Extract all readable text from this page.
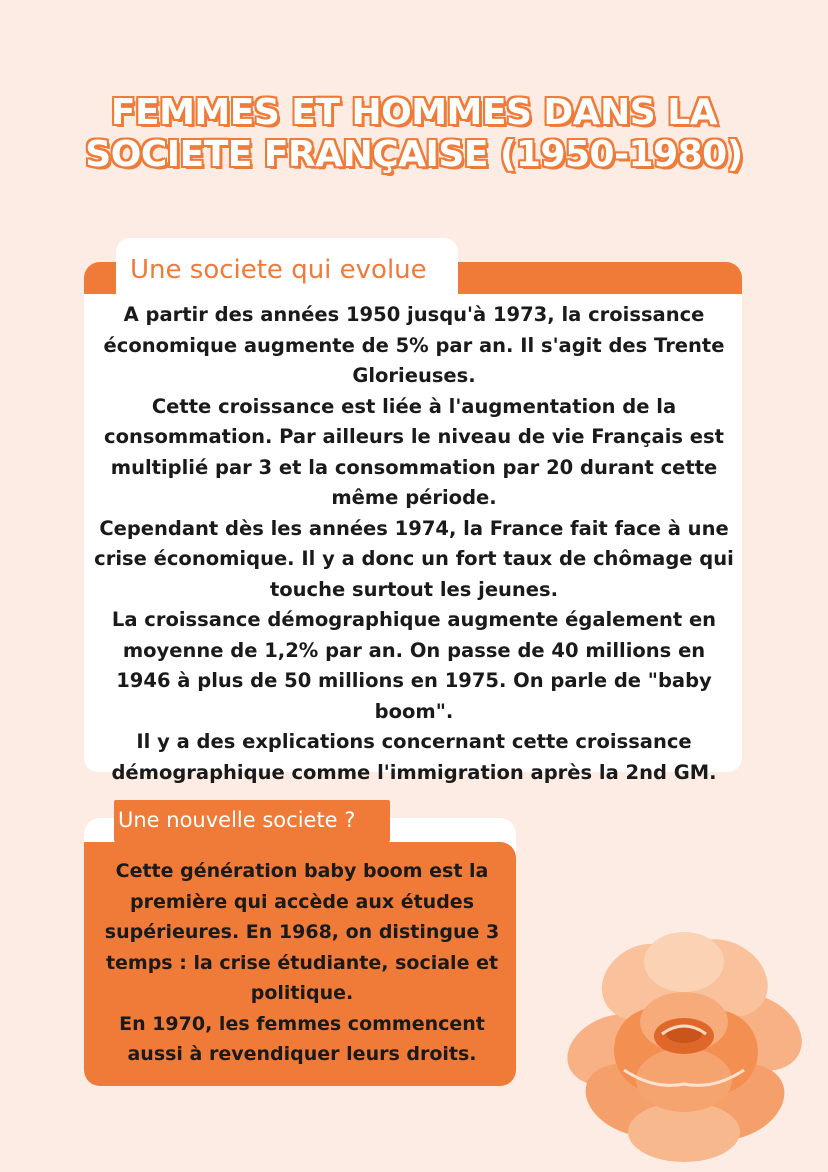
FEMMES ET HOMMES DANS LA
SOCIETE FRANÇAISE (1950-1980)
Une societe qui evolue

A partir des années 1950 jusqu'à 1973, la croissance économique augmente de 5% par an. Il s'agit des Trente Glorieuses.

Cette croissance est liée à l'augmentation de la consommation. Par ailleurs le niveau de vie Français est multiplié par 3 et la consommation par 20 durant cette même période.

Cependant dès les années 1974, la France fait face à une crise économique. Il y a donc un fort taux de chômage qui touche surtout les jeunes.

La croissance démographique augmente également en moyenne de 1,2% par an. On passe de 40 millions en 1946 à plus de 50 millions en 1975. On parle de "baby boom".

Il y a des explications concernant cette croissance démographique comme l'immigration après la 2nd GM.

Une nouvelle societe ?

Cette génération baby boom est la première qui accède aux études supérieures. En 1968, on distingue 3 temps : la crise étudiante, sociale et politique.

En 1970, les femmes commencent aussi à revendiquer leurs droits.
